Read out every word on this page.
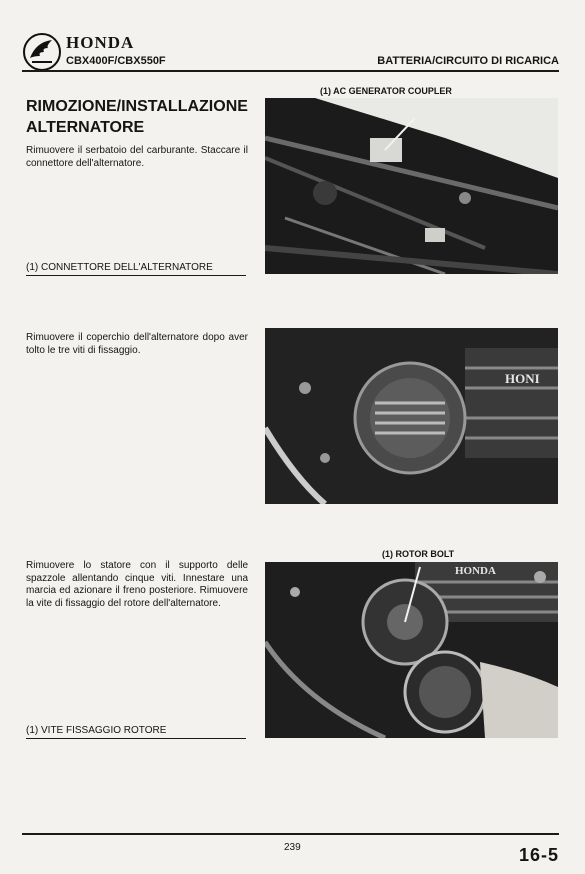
HONDA
CBX400F/CBX550F	BATTERIA/CIRCUITO DI RICARICA
RIMOZIONE/INSTALLAZIONE
ALTERNATORE
Rimuovere il serbatoio del carburante. Staccare il connettore dell'alternatore.
(1) CONNETTORE DELL'ALTERNATORE
(1) AC GENERATOR COUPLER
Rimuovere il coperchio dell'alternatore dopo aver tolto le tre viti di fissaggio.
HONI
Rimuovere lo statore con il supporto delle spazzole allentando cinque viti. Innestare una marcia ed azionare il freno posteriore. Rimuovere la vite di fissaggio del rotore dell'alternatore.
(1) VITE FISSAGGIO ROTORE
(1) ROTOR BOLT
HONDA
239	16-5
